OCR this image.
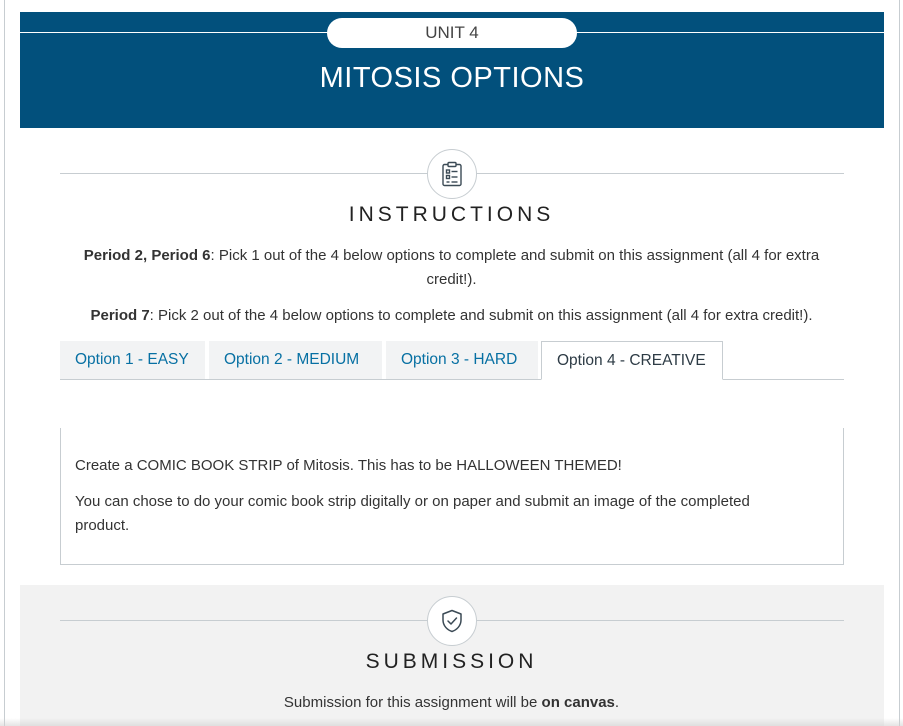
UNIT 4
MITOSIS OPTIONS
INSTRUCTIONS
Period 2, Period 6: Pick 1 out of the 4 below options to complete and submit on this assignment (all 4 for extra
credit!).
Period 7: Pick 2 out of the 4 below options to complete and submit on this assignment (all 4 for extra credit!).
Option 1 - EASY	Option 2 - MEDIUM	Option 3 - HARD	Option 4 - CREATIVE

Create a COMIC BOOK STRIP of Mitosis. This has to be HALLOWEEN THEMED!

You can chose to do your comic book strip digitally or on paper and submit an image of the completed
product.

SUBMISSION
Submission for this assignment will be on canvas.
